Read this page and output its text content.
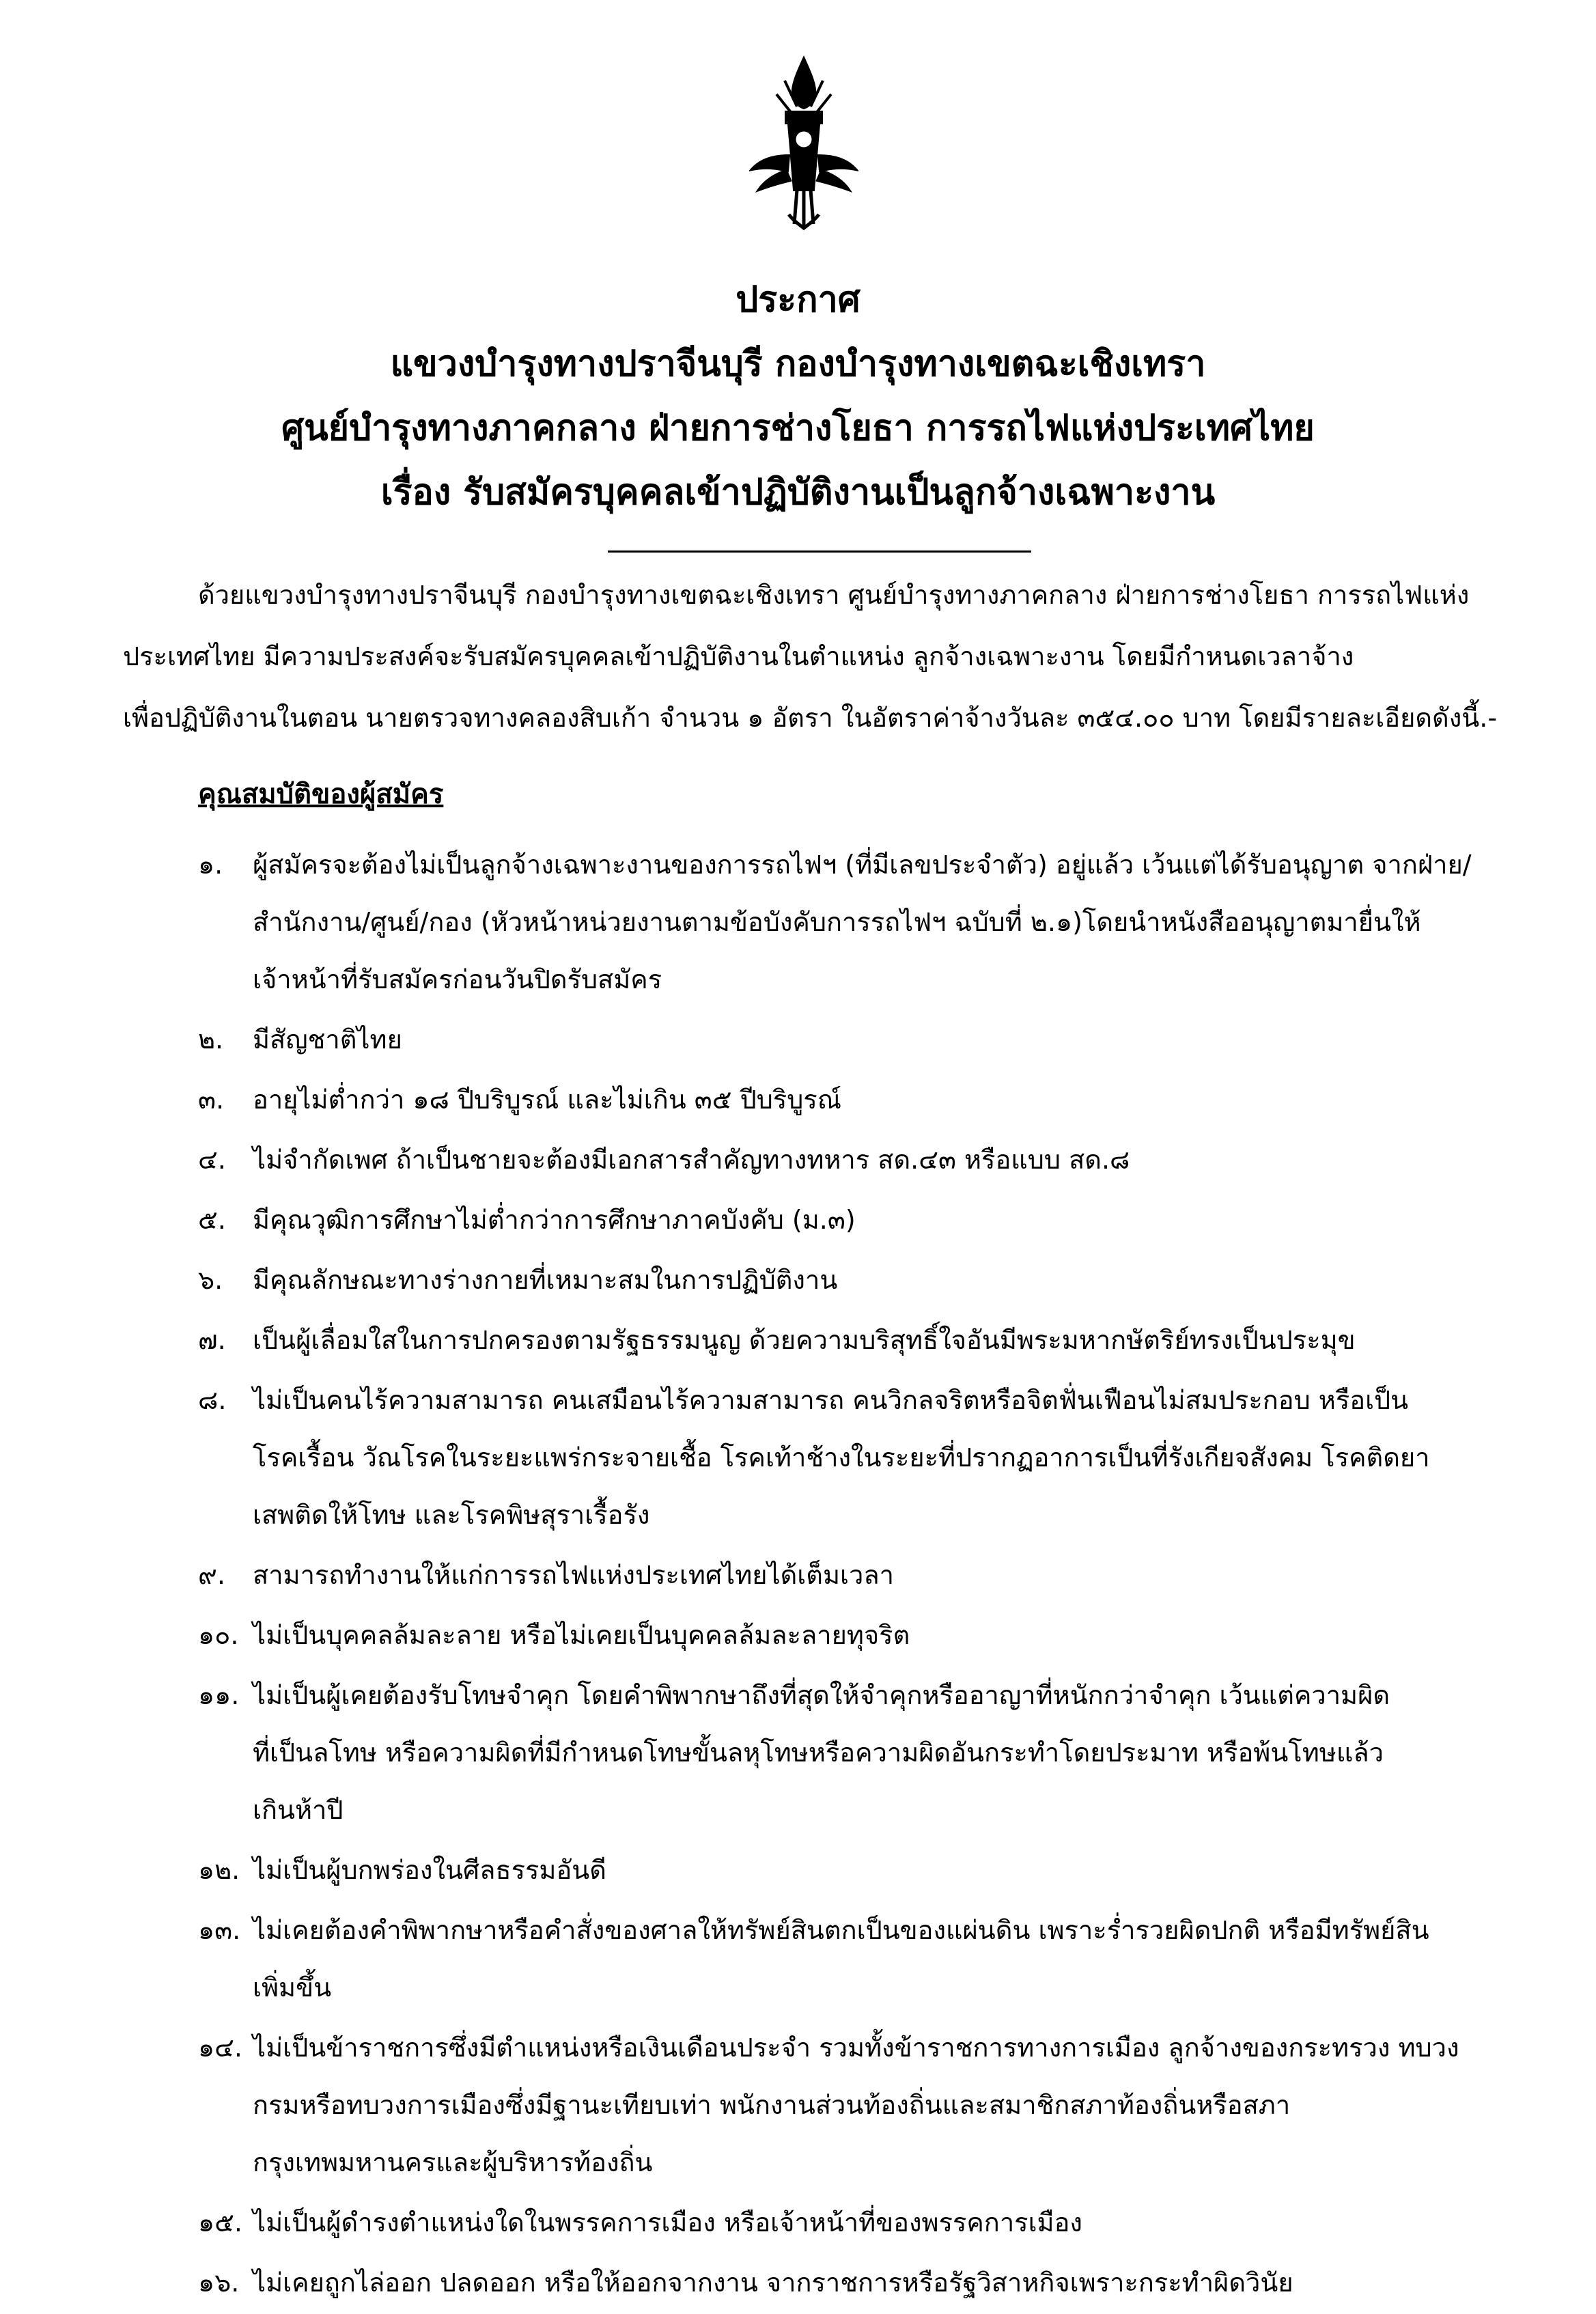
ประกาศ
แขวงบำรุงทางปราจีนบุรี กองบำรุงทางเขตฉะเชิงเทรา
ศูนย์บำรุงทางภาคกลาง ฝ่ายการช่างโยธา การรถไฟแห่งประเทศไทย
เรื่อง รับสมัครบุคคลเข้าปฏิบัติงานเป็นลูกจ้างเฉพาะงาน
ด้วยแขวงบำรุงทางปราจีนบุรี กองบำรุงทางเขตฉะเชิงเทรา ศูนย์บำรุงทางภาคกลาง ฝ่ายการช่างโยธา การรถไฟแห่ง
ประเทศไทย มีความประสงค์จะรับสมัครบุคคลเข้าปฏิบัติงานในตำแหน่ง ลูกจ้างเฉพาะงาน โดยมีกำหนดเวลาจ้าง
เพื่อปฏิบัติงานในตอน นายตรวจทางคลองสิบเก้า จำนวน ๑ อัตรา ในอัตราค่าจ้างวันละ ๓๕๔.๐๐ บาท โดยมีรายละเอียดดังนี้.-
คุณสมบัติของผู้สมัคร
๑.	ผู้สมัครจะต้องไม่เป็นลูกจ้างเฉพาะงานของการรถไฟฯ (ที่มีเลขประจำตัว) อยู่แล้ว เว้นแต่ได้รับอนุญาต จากฝ่าย/
สำนักงาน/ศูนย์/กอง (หัวหน้าหน่วยงานตามข้อบังคับการรถไฟฯ ฉบับที่ ๒.๑)โดยนำหนังสืออนุญาตมายื่นให้
เจ้าหน้าที่รับสมัครก่อนวันปิดรับสมัคร
๒.	มีสัญชาติไทย
๓.	อายุไม่ต่ำกว่า ๑๘ ปีบริบูรณ์ และไม่เกิน ๓๕ ปีบริบูรณ์
๔.	ไม่จำกัดเพศ ถ้าเป็นชายจะต้องมีเอกสารสำคัญทางทหาร สด.๔๓ หรือแบบ สด.๘
๕.	มีคุณวุฒิการศึกษาไม่ต่ำกว่าการศึกษาภาคบังคับ (ม.๓)
๖.	มีคุณลักษณะทางร่างกายที่เหมาะสมในการปฏิบัติงาน
๗.	เป็นผู้เลื่อมใสในการปกครองตามรัฐธรรมนูญ ด้วยความบริสุทธิ์ใจอันมีพระมหากษัตริย์ทรงเป็นประมุข
๘.	ไม่เป็นคนไร้ความสามารถ คนเสมือนไร้ความสามารถ คนวิกลจริตหรือจิตฟั่นเฟือนไม่สมประกอบ หรือเป็น
โรคเรื้อน วัณโรคในระยะแพร่กระจายเชื้อ โรคเท้าช้างในระยะที่ปรากฏอาการเป็นที่รังเกียจสังคม โรคติดยา
เสพติดให้โทษ และโรคพิษสุราเรื้อรัง
๙.	สามารถทำงานให้แก่การรถไฟแห่งประเทศไทยได้เต็มเวลา
๑๐. ไม่เป็นบุคคลล้มละลาย หรือไม่เคยเป็นบุคคลล้มละลายทุจริต
๑๑. ไม่เป็นผู้เคยต้องรับโทษจำคุก โดยคำพิพากษาถึงที่สุดให้จำคุกหรืออาญาที่หนักกว่าจำคุก เว้นแต่ความผิด
ที่เป็นลโทษ หรือความผิดที่มีกำหนดโทษขั้นลหุโทษหรือความผิดอันกระทำโดยประมาท หรือพ้นโทษแล้ว
เกินห้าปี
๑๒. ไม่เป็นผู้บกพร่องในศีลธรรมอันดี
๑๓. ไม่เคยต้องคำพิพากษาหรือคำสั่งของศาลให้ทรัพย์สินตกเป็นของแผ่นดิน เพราะร่ำรวยผิดปกติ หรือมีทรัพย์สิน
เพิ่มขึ้น
๑๔. ไม่เป็นข้าราชการซึ่งมีตำแหน่งหรือเงินเดือนประจำ รวมทั้งข้าราชการทางการเมือง ลูกจ้างของกระทรวง ทบวง
กรมหรือทบวงการเมืองซึ่งมีฐานะเทียบเท่า พนักงานส่วนท้องถิ่นและสมาชิกสภาท้องถิ่นหรือสภา
กรุงเทพมหานครและผู้บริหารท้องถิ่น
๑๕. ไม่เป็นผู้ดำรงตำแหน่งใดในพรรคการเมือง หรือเจ้าหน้าที่ของพรรคการเมือง
๑๖. ไม่เคยถูกไล่ออก ปลดออก หรือให้ออกจากงาน จากราชการหรือรัฐวิสาหกิจเพราะกระทำผิดวินัย
